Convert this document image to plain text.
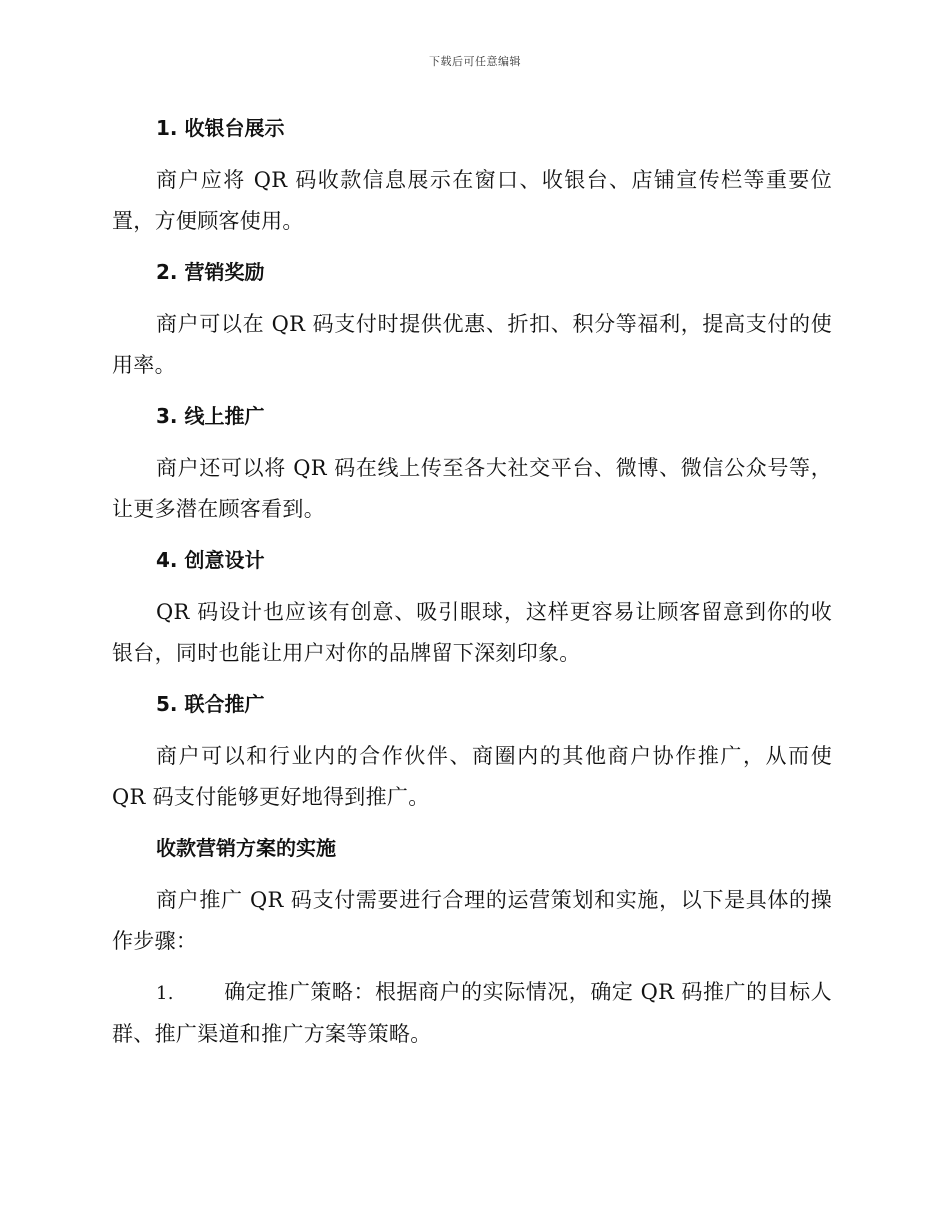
下载后可任意编辑
1. 收银台展示

商户应将 QR 码收款信息展示在窗口、收银台、店铺宣传栏等重要位置，方便顾客使用。

2. 营销奖励

商户可以在 QR 码支付时提供优惠、折扣、积分等福利，提高支付的使用率。

3. 线上推广

商户还可以将 QR 码在线上传至各大社交平台、微博、微信公众号等，让更多潜在顾客看到。

4. 创意设计

QR 码设计也应该有创意、吸引眼球，这样更容易让顾客留意到你的收银台，同时也能让用户对你的品牌留下深刻印象。

5. 联合推广

商户可以和行业内的合作伙伴、商圈内的其他商户协作推广，从而使 QR 码支付能够更好地得到推广。

收款营销方案的实施

商户推广 QR 码支付需要进行合理的运营策划和实施，以下是具体的操作步骤：

1. 确定推广策略：根据商户的实际情况，确定 QR 码推广的目标人群、推广渠道和推广方案等策略。
